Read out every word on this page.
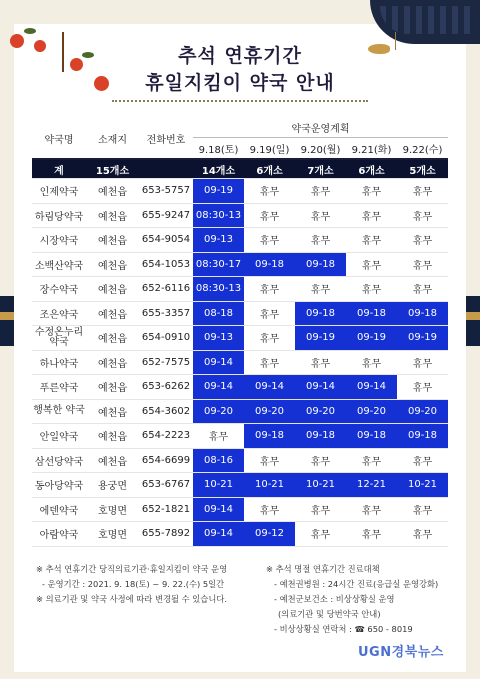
추석 연휴기간
휴일지킴이 약국 안내
약국명	소재지	전화번호	약국운영계획				
			9.18(토)	9.19(일)	9.20(월)	9.21(화)	9.22(수)
계	15개소		14개소	6개소	7개소	6개소	5개소
인제약국	예천읍	653-5757	09-19	휴무	휴무	휴무	휴무
하림당약국	예천읍	655-9247	08:30-13	휴무	휴무	휴무	휴무
시장약국	예천읍	654-9054	09-13	휴무	휴무	휴무	휴무
소백산약국	예천읍	654-1053	08:30-17	09-18	09-18	휴무	휴무
장수약국	예천읍	652-6116	08:30-13	휴무	휴무	휴무	휴무
조은약국	예천읍	655-3357	08-18	휴무	09-18	09-18	09-18
수정온누리약국	예천읍	654-0910	09-13	휴무	09-19	09-19	09-19
하나약국	예천읍	652-7575	09-14	휴무	휴무	휴무	휴무
푸른약국	예천읍	653-6262	09-14	09-14	09-14	09-14	휴무
행복한 약국	예천읍	654-3602	09-20	09-20	09-20	09-20	09-20
안일약국	예천읍	654-2223	휴무	09-18	09-18	09-18	09-18
삼선당약국	예천읍	654-6699	08-16	휴무	휴무	휴무	휴무
동아당약국	용궁면	653-6767	10-21	10-21	10-21	12-21	10-21
에덴약국	호명면	652-1821	09-14	휴무	휴무	휴무	휴무
아람약국	호명면	655-7892	09-14	09-12	휴무	휴무	휴무
※ 추석 연휴기간 당직의료기관·휴일지킴이 약국 운영
- 운영기간 : 2021. 9. 18(토) ~ 9. 22.(수) 5일간
※ 의료기관 및 약국 사정에 따라 변경될 수 있습니다.
※ 추석 명절 연휴기간 진료대책
- 예천권병원 : 24시간 진료(응급실 운영강화)
- 예천군보건소 : 비상상황실 운영
(의료기관 및 당번약국 안내)
- 비상상황실 연락처 : ☎ 650 - 8019
UGN경북뉴스
